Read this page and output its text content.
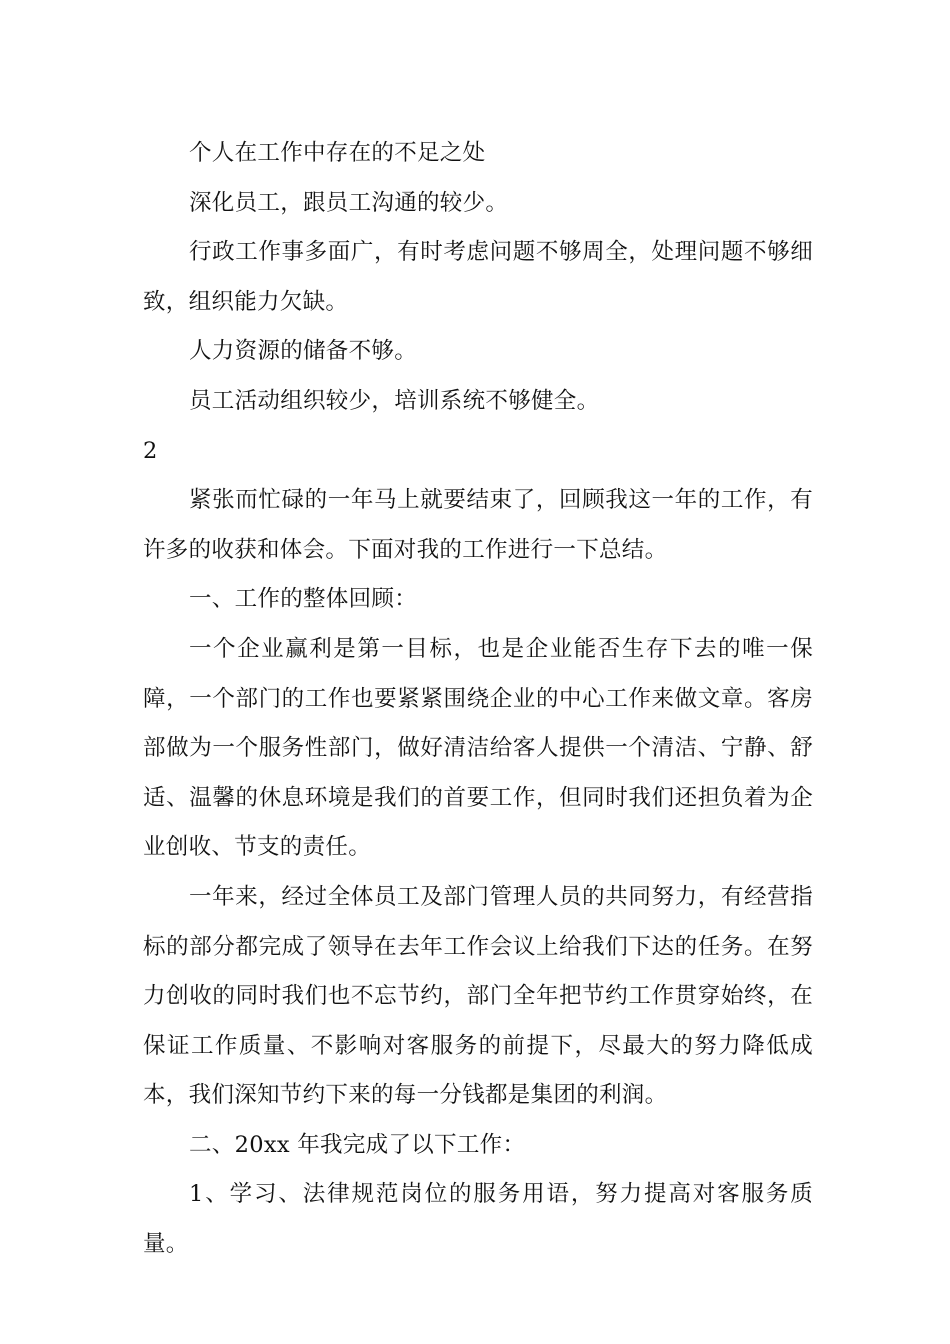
个人在工作中存在的不足之处

深化员工，跟员工沟通的较少。

行政工作事多面广，有时考虑问题不够周全，处理问题不够细致，组织能力欠缺。

人力资源的储备不够。

员工活动组织较少，培训系统不够健全。

2

紧张而忙碌的一年马上就要结束了，回顾我这一年的工作，有许多的收获和体会。下面对我的工作进行一下总结。

一、工作的整体回顾：

一个企业赢利是第一目标，也是企业能否生存下去的唯一保障，一个部门的工作也要紧紧围绕企业的中心工作来做文章。客房部做为一个服务性部门，做好清洁给客人提供一个清洁、宁静、舒适、温馨的休息环境是我们的首要工作，但同时我们还担负着为企业创收、节支的责任。

一年来，经过全体员工及部门管理人员的共同努力，有经营指标的部分都完成了领导在去年工作会议上给我们下达的任务。在努力创收的同时我们也不忘节约，部门全年把节约工作贯穿始终，在保证工作质量、不影响对客服务的前提下，尽最大的努力降低成本，我们深知节约下来的每一分钱都是集团的利润。

二、20xx 年我完成了以下工作：

1、学习、法律规范岗位的服务用语，努力提高对客服务质量。
